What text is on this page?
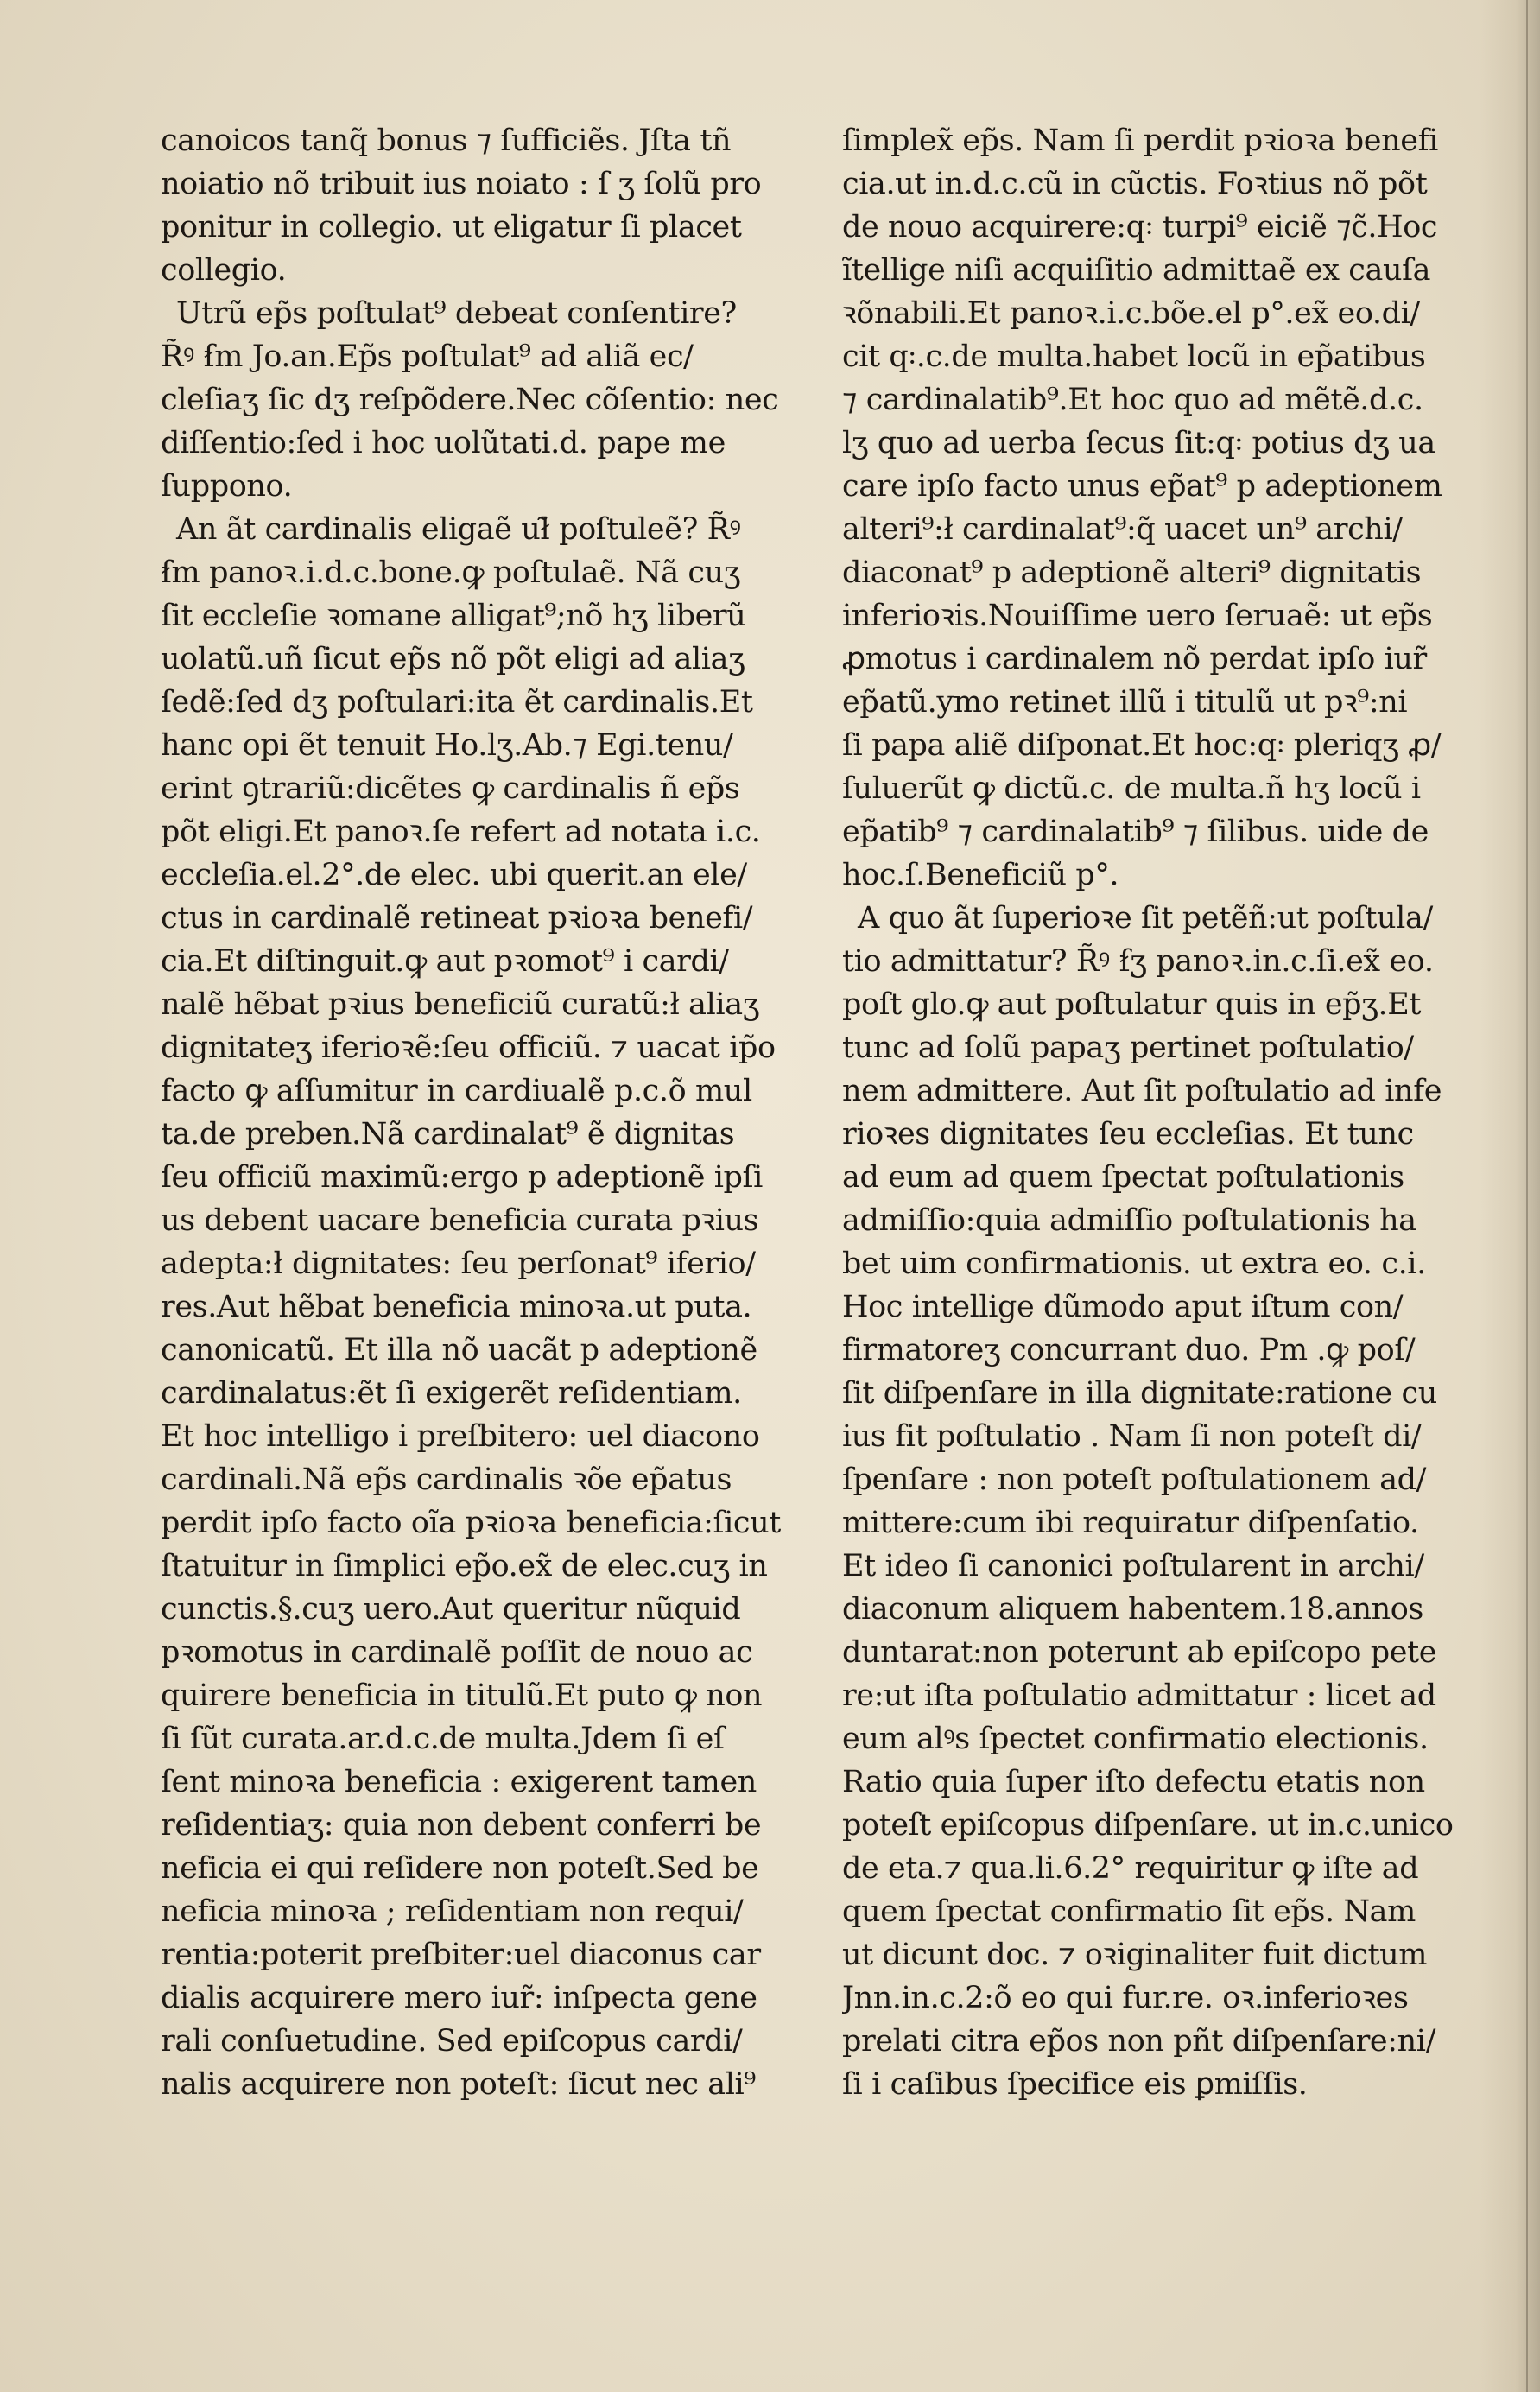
canoicos tanq̃ bonus ⁊ ſufficiẽs. Jſta tñ
noiatio nõ tribuit ius noiato : ſ ʒ ſolũ pro
ponitur in collegio. ut eligatur ſi placet
collegio.
Utrũ ep̃s poſtulat⁹ debeat conſentire?
R̃ꝰ ẜm Jo.an.Ep̃s poſtulat⁹ ad aliã ec/
cleſiaʒ ſic dʒ reſpõdere.Nec cõſentio: nec
diſſentio:ſed i hoc uolũtati.d. pape me
ſuppono.
An ãt cardinalis eligaẽ uł̃ poſtuleẽ? R̃ꝰ
ẜm panoꝛ.i.d.c.bone.ꝙ poſtulaẽ. Nã cuʒ
ſit eccleſie ꝛomane alligat⁹;nõ hʒ liberũ
uolatũ.uñ ſicut ep̃s nõ põt eligi ad aliaʒ
ſedẽ:ſed dʒ poſtulari:ita ẽt cardinalis.Et
hanc opi ẽt tenuit Ho.lʒ.Ab.⁊ Egi.tenu/
erint ꝯtrariũ:dicẽtes ꝙ cardinalis ñ ep̃s
põt eligi.Et panoꝛ.ſe refert ad notata i.c.
eccleſia.el.2°.de elec. ubi querit.an ele/
ctus in cardinalẽ retineat pꝛioꝛa benefi/
cia.Et diſtinguit.ꝙ aut pꝛomot⁹ i cardi/
nalẽ hẽbat pꝛius beneficiũ curatũ:ł aliaʒ
dignitateʒ iferioꝛẽ:ſeu officiũ. ⁊ uacat ip̃o
facto ꝙ aſſumitur in cardiualẽ p.c.õ mul
ta.de preben.Nã cardinalat⁹ ẽ dignitas
ſeu officiũ maximũ:ergo p adeptionẽ ipſi
us debent uacare beneficia curata pꝛius
adepta:ł dignitates: ſeu perſonat⁹ iferio/
res.Aut hẽbat beneficia minoꝛa.ut puta.
canonicatũ. Et illa nõ uacãt p adeptionẽ
cardinalatus:ẽt ſi exigerẽt reſidentiam.
Et hoc intelligo i preſbitero: uel diacono
cardinali.Nã ep̃s cardinalis ꝛõe ep̃atus
perdit ipſo facto oĩa pꝛioꝛa beneficia:ſicut
ſtatuitur in ſimplici ep̃o.ex̃ de elec.cuʒ in
cunctis.§.cuʒ uero.Aut queritur nũquid
pꝛomotus in cardinalẽ poſſit de nouo ac
quirere beneficia in titulũ.Et puto ꝙ non
ſi ſũt curata.ar.d.c.de multa.Jdem ſi eſ
ſent minoꝛa beneficia : exigerent tamen
reſidentiaʒ: quia non debent conferri be
neficia ei qui reſidere non poteſt.Sed be
neficia minoꝛa ; reſidentiam non requi/
rentia:poterit preſbiter:uel diaconus car
dialis acquirere mero iur̃: inſpecta gene
rali conſuetudine. Sed epiſcopus cardi/
nalis acquirere non poteſt: ſicut nec ali⁹
ſimplex̃ ep̃s. Nam ſi perdit pꝛioꝛa benefi
cia.ut in.d.c.cũ in cũctis. Foꝛtius nõ põt
de nouo acquirere:q꞉ turpi⁹ eiciẽ ⁊c̃.Hoc
ĩtellige niſi acquiſitio admittaẽ ex cauſa
ꝛõnabili.Et panoꝛ.i.c.bõe.el p°.ex̃ eo.di/
cit q꞉.c.de multa.habet locũ in ep̃atibus
⁊ cardinalatib⁹.Et hoc quo ad mẽtẽ.d.c.
lʒ quo ad uerba ſecus ſit:q꞉ potius dʒ ua
care ipſo facto unus ep̃at⁹ p adeptionem
alteri⁹:ł cardinalat⁹:q̃ uacet un⁹ archi/
diaconat⁹ p adeptionẽ alteri⁹ dignitatis
inferioꝛis.Nouiſſime uero ſeruaẽ: ut ep̃s
ꝓmotus i cardinalem nõ perdat ipſo iur̃
ep̃atũ.ymo retinet illũ i titulũ ut pꝛ⁹:ni
ſi papa aliẽ diſponat.Et hoc:q꞉ pleriqʒ ꝓ/
ſuluerũt ꝙ dictũ.c. de multa.ñ hʒ locũ i
ep̃atib⁹ ⁊ cardinalatib⁹ ⁊ ſilibus. uide de
hoc.ſ.Beneficiũ p°.
A quo ãt ſuperioꝛe ſit petẽñ:ut poſtula/
tio admittatur? R̃ꝰ ẜʒ panoꝛ.in.c.ſi.ex̃ eo.
poſt glo.ꝙ aut poſtulatur quis in ep̃ʒ.Et
tunc ad ſolũ papaʒ pertinet poſtulatio/
nem admittere. Aut ſit poſtulatio ad infe
rioꝛes dignitates ſeu eccleſias. Et tunc
ad eum ad quem ſpectat poſtulationis
admiſſio:quia admiſſio poſtulationis ha
bet uim confirmationis. ut extra eo. c.i.
Hoc intellige dũmodo aput iſtum con/
firmatoreʒ concurrant duo. Pm .ꝙ poſ/
ſit diſpenſare in illa dignitate:ratione cu
ius fit poſtulatio . Nam ſi non poteſt di/
ſpenſare : non poteſt poſtulationem ad/
mittere:cum ibi requiratur diſpenſatio.
Et ideo ſi canonici poſtularent in archi/
diaconum aliquem habentem.18.annos
duntarat:non poterunt ab epiſcopo pete
re:ut iſta poſtulatio admittatur : licet ad
eum alꝰs ſpectet confirmatio electionis.
Ratio quia ſuper iſto defectu etatis non
poteſt epiſcopus diſpenſare. ut in.c.unico
de eta.⁊ qua.li.6.2° requiritur ꝙ iſte ad
quem ſpectat confirmatio ſit ep̃s. Nam
ut dicunt doc. ⁊ oꝛiginaliter fuit dictum
Jnn.in.c.2:õ eo qui fur.re. oꝛ.inferioꝛes
prelati citra ep̃os non pñt diſpenſare:ni/
ſi i caſibus ſpecifice eis ꝑmiſſis.
